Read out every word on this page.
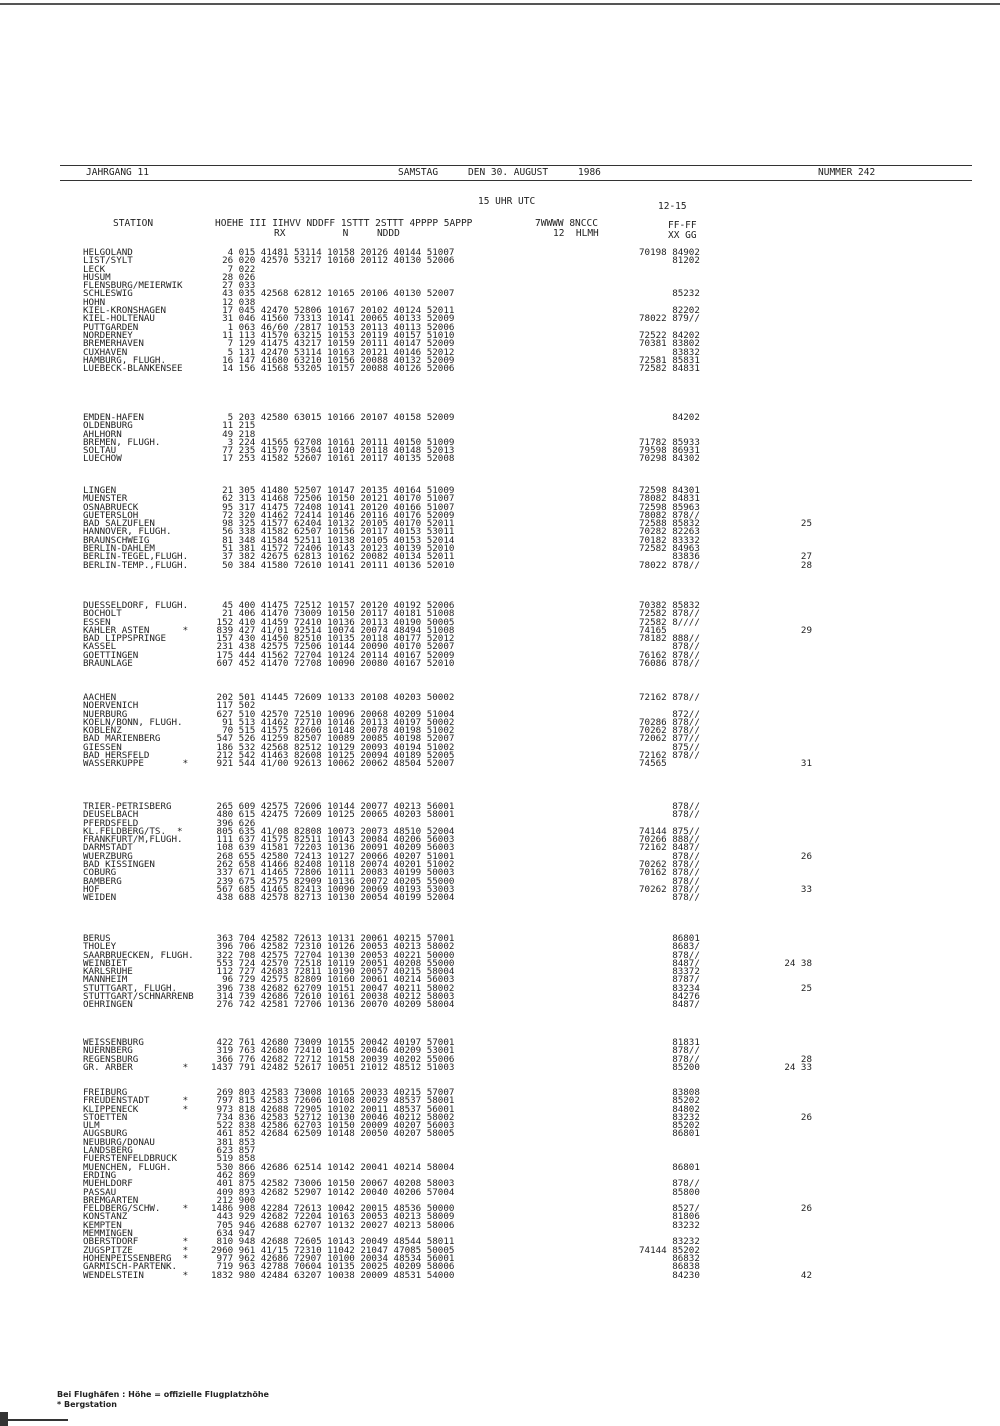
JAHRGANG 11	SAMSTAG	DEN 30. AUGUST	1986	NUMMER 242
15 UHR UTC	12-15
STATION	HOEHE III IIHVV NDDFF 1STTT 2STTT 4PPPP 5APPP
RX          N     NDDD
7WWWW 8NCCC
12  HLMH
FF-FF
XX GG
HELGOLAND	4 015 41481 53114 10158 20126 40144 51007	70198 84902
LIST/SYLT	26 020 42570 53217 10160 20112 40130 52006	81202
LECK	7 022
HUSUM	28 026
FLENSBURG/MEIERWIK	27 033
SCHLESWIG	43 035 42568 62812 10165 20106 40130 52007	85232
HOHN	12 038
KIEL-KRONSHAGEN	17 045 42470 52806 10167 20102 40124 52011	82202
KIEL-HOLTENAU	31 046 41560 73313 10141 20065 40133 52009	78022 879//
PUTTGARDEN	1 063 46/60 /2817 10153 20113 40113 52006
NORDERNEY	11 113 41570 63215 10153 20119 40157 51010	72522 84202
BREMERHAVEN	7 129 41475 43217 10159 20111 40147 52009	70381 83802
CUXHAVEN	5 131 42470 53114 10163 20121 40146 52012	83832
HAMBURG, FLUGH.	16 147 41680 63210 10156 20088 40132 52009	72581 85831
LUEBECK-BLANKENSEE	14 156 41568 53205 10157 20088 40126 52006	72582 84831
EMDEN-HAFEN	5 203 42580 63015 10166 20107 40158 52009	84202
OLDENBURG	11 215
AHLHORN	49 218
BREMEN, FLUGH.	3 224 41565 62708 10161 20111 40150 51009	71782 85933
SOLTAU	77 235 41570 73504 10140 20118 40148 52013	79598 86931
LUECHOW	17 253 41582 52607 10161 20117 40135 52008	70298 84302
LINGEN	21 305 41480 52507 10147 20135 40164 51009	72598 84301
MUENSTER	62 313 41468 72506 10150 20121 40170 51007	78082 84831
OSNABRUECK	95 317 41475 72408 10141 20120 40166 51007	72598 85963
GUETERSLOH	72 320 41462 72414 10146 20116 40176 52009	78082 878//
BAD SALZUFLEN	98 325 41577 62404 10132 20105 40170 52011	72588 85832	25
HANNOVER, FLUGH.	56 338 41582 62507 10156 20117 40153 53011	70282 82263
BRAUNSCHWEIG	81 348 41584 52511 10138 20105 40153 52014	70182 83332
BERLIN-DAHLEM	51 381 41572 72406 10143 20123 40139 52010	72582 84963
BERLIN-TEGEL,FLUGH.	37 382 42675 62813 10162 20082 40134 52011	83836	27
BERLIN-TEMP.,FLUGH.	50 384 41580 72610 10141 20111 40136 52010	78022 878//	28
DUESSELDORF, FLUGH.	45 400 41475 72512 10157 20120 40192 52006	70382 85832
BOCHOLT	21 406 41470 73009 10150 20117 40181 51008	72582 878//
ESSEN	152 410 41459 72410 10136 20113 40190 50005	72582 8////
KAHLER ASTEN      *	839 427 41/01 92514 10074 20074 48494 51008	74165	29
BAD LIPPSPRINGE	157 430 41450 82510 10135 20118 40177 52012	78182 888//
KASSEL	231 438 42575 72506 10144 20090 40170 52007	878//
GOETTINGEN	175 444 41562 72704 10124 20114 40167 52009	76162 878//
BRAUNLAGE	607 452 41470 72708 10090 20080 40167 52010	76086 878//
AACHEN	202 501 41445 72609 10133 20108 40203 50002	72162 878//
NOERVENICH	117 502
NUERBURG	627 510 42570 72510 10096 20068 40209 51004	872//
KOELN/BONN, FLUGH.	91 513 41462 72710 10146 20113 40197 50002	70286 878//
KOBLENZ	70 515 41575 82606 10148 20078 40198 51002	70262 878//
BAD MARIENBERG	547 526 41259 82507 10089 20085 40198 52007	72062 877//
GIESSEN	186 532 42568 82512 10129 20093 40194 51002	875//
BAD HERSFELD	212 542 41463 82608 10125 20094 40189 52005	72162 878//
WASSERKUPPE       *	921 544 41/00 92613 10062 20062 48504 52007	74565	31
TRIER-PETRISBERG	265 609 42575 72606 10144 20077 40213 56001	878//
DEUSELBACH	480 615 42475 72609 10125 20065 40203 58001	878//
PFERDSFELD	396 626
KL.FELDBERG/TS.  *	805 635 41/08 82808 10073 20073 48510 52004	74144 875//
FRANKFURT/M,FLUGH.	111 637 41575 82511 10143 20084 40206 56003	70266 888//
DARMSTADT	108 639 41581 72203 10136 20091 40209 56003	72162 8487/
WUERZBURG	268 655 42580 72413 10127 20066 40207 51001	878//	26
BAD KISSINGEN	262 658 41466 82408 10118 20074 40201 51002	70262 878//
COBURG	337 671 41465 72806 10111 20083 40199 50003	70162 878//
BAMBERG	239 675 42575 82909 10136 20072 40205 55000	878//
HOF	567 685 41465 82413 10090 20069 40193 53003	70262 878//	33
WEIDEN	438 688 42578 82713 10130 20054 40199 52004	878//
BERUS	363 704 42582 72613 10131 20061 40215 57001	86801
THOLEY	396 706 42582 72310 10126 20053 40213 58002	8683/
SAARBRUECKEN, FLUGH.	322 708 42575 72704 10130 20053 40221 50000	878//
WEINBIET	553 724 42570 72518 10119 20051 40208 55000	8487/	24 38
KARLSRUHE	112 727 42683 72811 10190 20057 40215 58004	83372
MANNHEIM	96 729 42575 82809 10160 20061 40214 56003	8787/
STUTTGART, FLUGH.	396 738 42682 62709 10151 20047 40211 58002	83234	25
STUTTGART/SCHNARRENB	314 739 42686 72610 10161 20038 40212 58003	84276
OEHRINGEN	276 742 42581 72706 10136 20070 40209 58004	8487/
WEISSENBURG	422 761 42680 73009 10155 20042 40197 57001	81831
NUERNBERG	319 763 42680 72410 10145 20046 40209 53001	878//
REGENSBURG	366 776 42682 72712 10158 20039 40202 55006	878//	28
GR. ARBER         *	1437 791 42482 52617 10051 21012 48512 51003	85200	24 33
FREIBURG	269 803 42583 73008 10165 20033 40215 57007	83808
FREUDENSTADT      *	797 815 42583 72606 10108 20029 48537 58001	85202
KLIPPENECK        *	973 818 42688 72905 10102 20011 48537 56001	84802
STOETTEN	734 836 42583 52712 10130 20046 40212 58002	83232	26
ULM	522 838 42586 62703 10150 20009 40207 56003	85202
AUGSBURG	461 852 42684 62509 10148 20050 40207 58005	86801
NEUBURG/DONAU	381 853
LANDSBERG	623 857
FUERSTENFELDBRUCK	519 858
MUENCHEN, FLUGH.	530 866 42686 62514 10142 20041 40214 58004	86801
ERDING	462 869
MUEHLDORF	401 875 42582 73006 10150 20067 40208 58003	878//
PASSAU	409 893 42682 52907 10142 20040 40206 57004	85800
BREMGARTEN	212 900
FELDBERG/SCHW.    *	1486 908 42284 72613 10042 20015 48536 50000	8527/	26
KONSTANZ	443 929 42682 72204 10163 20053 40213 58009	81806
KEMPTEN	705 946 42688 62707 10132 20027 40213 58006	83232
MEMMINGEN	634 947
OBERSTDORF        *	810 948 42688 72605 10143 20049 48544 58011	83232
ZUGSPITZE         *	2960 961 41/15 72310 11042 21047 47085 50005	74144 85202
HOHENPEISSENBERG  *	977 962 42686 72907 10100 20034 48534 56001	86832
GARMISCH-PARTENK.	719 963 42788 70604 10135 20025 40209 58006	86838
WENDELSTEIN       *	1832 980 42484 63207 10038 20009 48531 54000	84230	42
Bei Flughäfen : Höhe = offizielle Flugplatzhöhe
* Bergstation
